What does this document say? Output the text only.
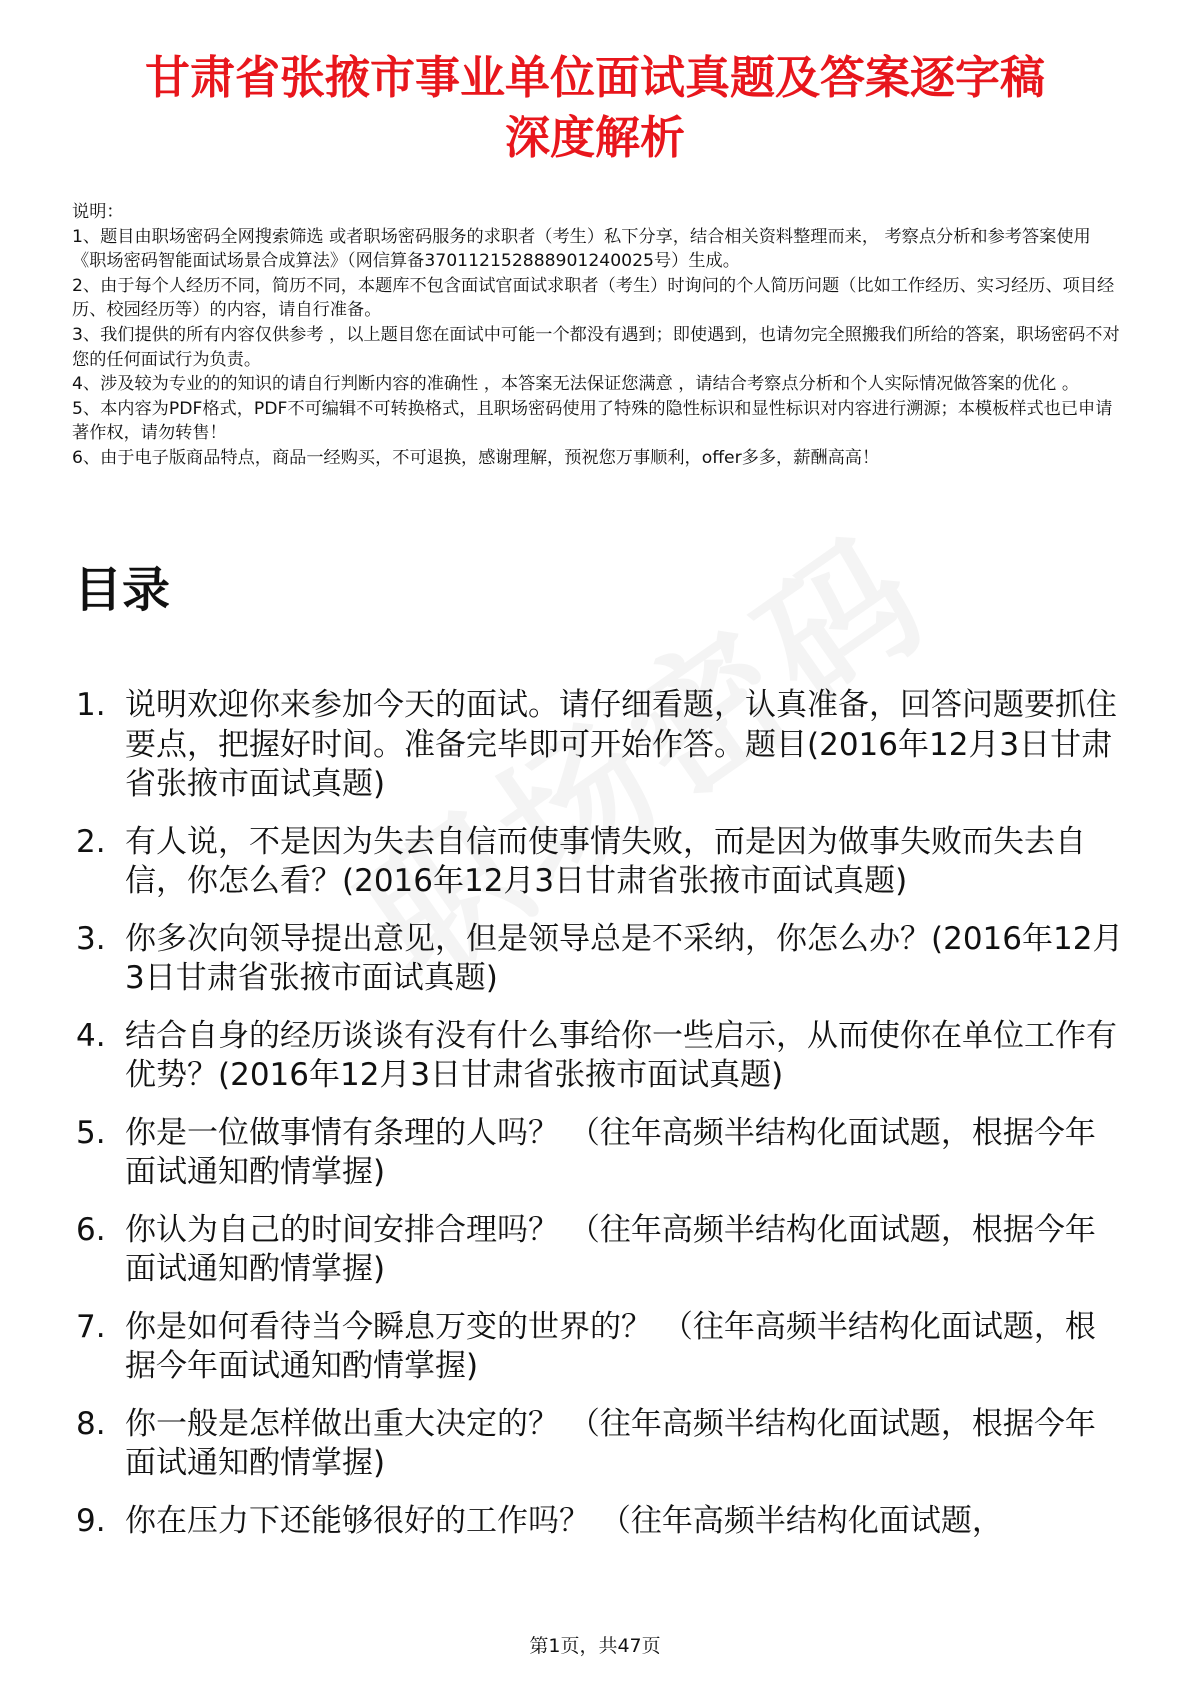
甘肃省张掖市事业单位面试真题及答案逐字稿
深度解析

说明：

1、题目由职场密码全网搜索筛选 或者职场密码服务的求职者（考生）私下分享，结合相关资料整理而来， 考察点分析和参考答案使用《职场密码智能面试场景合成算法》（网信算备370112152888901240025号）生成。

2、由于每个人经历不同，简历不同，本题库不包含面试官面试求职者（考生）时询问的个人简历问题（比如工作经历、实习经历、项目经历、校园经历等）的内容，请自行准备。

3、我们提供的所有内容仅供参考 ，以上题目您在面试中可能一个都没有遇到；即使遇到，也请勿完全照搬我们所给的答案，职场密码不对您的任何面试行为负责。

4、涉及较为专业的的知识的请自行判断内容的准确性 ，本答案无法保证您满意 ，请结合考察点分析和个人实际情况做答案的优化 。

5、本内容为PDF格式，PDF不可编辑不可转换格式，且职场密码使用了特殊的隐性标识和显性标识对内容进行溯源；本模板样式也已申请著作权，请勿转售！

6、由于电子版商品特点，商品一经购买，不可退换，感谢理解，预祝您万事顺利，offer多多，薪酬高高！

目录
1. 说明欢迎你来参加今天的面试。请仔细看题，认真准备，回答问题要抓住要点，把握好时间。准备完毕即可开始作答。题目(2016年12月3日甘肃省张掖市面试真题)
2. 有人说，不是因为失去自信而使事情失败，而是因为做事失败而失去自信，你怎么看？(2016年12月3日甘肃省张掖市面试真题)
3. 你多次向领导提出意见，但是领导总是不采纳，你怎么办？(2016年12月3日甘肃省张掖市面试真题)
4. 结合自身的经历谈谈有没有什么事给你一些启示，从而使你在单位工作有优势？(2016年12月3日甘肃省张掖市面试真题)
5. 你是一位做事情有条理的人吗？ （往年高频半结构化面试题，根据今年面试通知酌情掌握)
6. 你认为自己的时间安排合理吗？ （往年高频半结构化面试题，根据今年面试通知酌情掌握)
7. 你是如何看待当今瞬息万变的世界的？ （往年高频半结构化面试题，根据今年面试通知酌情掌握)
8. 你一般是怎样做出重大决定的？ （往年高频半结构化面试题，根据今年面试通知酌情掌握)
9. 你在压力下还能够很好的工作吗？ （往年高频半结构化面试题，
第1页，共47页
